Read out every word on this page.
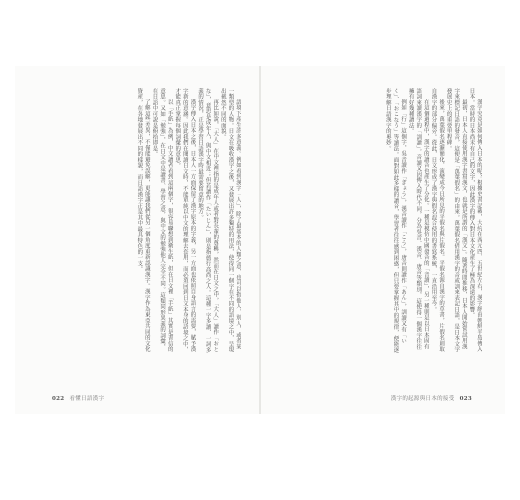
語境下產生許多意義。例如看到漢字「人」，除了最基本的人類之意，也可以指他人、別人，或者某一類型的人物。日文在吸收漢字之後，又發展出許多獨特的用法，使得同一個字在不同的語境之中，呈現出截然不同的面貌。

再比如說，「大人」在中文裡指的是成年人或者對長輩的尊稱，然而在日文之中，「大人」讀作「おとな」，意思是成年人，與中文相近；但若讀作「たいじん」，則是指德行高尚之人。這種一字多讀、一詞多義的情況，正是學習日語漢字時最需要留意的地方。

漢字傳入日本之後，日本人一方面保留了漢字原本的字義，另一方面也依照自身語言的需要，賦予漢字新的意涵。因此我們在閱讀日文時，不能單純以中文的理解去套用，而必須回到日文本身的語境之中，才能真正掌握每個詞彙的意思。

以「手紙」為例，中文讀者看到這兩個字，很容易聯想到衛生紙，但在日文裡「手紙」其實是書信的意思。又如「勉強」，在日文中是讀書、學習之意，與中文的勉強他人完全不同。這類同形異義的詞彙，在日語中可說是俯拾即是。

了解這些差異，不僅能避免誤解，更能讓我們從另一個角度重新認識漢字。漢字作為東亞共同的文化資產，在各地發展出不同的樣貌，而日語漢字正是其中最具特色的一支。

022 看懂日語漢字

漢字究竟是如何傳入日本的呢？根據史書記載，大約在西元四、五世紀左右，漢字經由朝鮮半島傳入日本。當時的日本尚未有自己的文字，因此漢字的傳入對日本文化產生了極為深遠的影響。

最初，日本人直接使用漢字書寫漢文，也就是所謂的「漢文」。隨著時間推移，日本人開始嘗試用漢字來標記日語的發音，這便是「萬葉假名」的由來。萬葉假名借用漢字的音或訓來表記日語，是日本文字發展史上的重要里程碑。

後來，萬葉假名逐漸簡化，演變成今日所見的平假名與片假名。平假名源自漢字的草書，片假名則取自漢字的部分偏旁。從此，日文形成了漢字與假名混合使用的書寫系統，一直沿用至今。

在這個過程中，漢字的讀音也產生了分化。一種是模仿中國發音的「音讀」，另一種則是以日本固有語詞來讀漢字的「訓讀」。音讀又因傳入時代不同，分為吳音、漢音、唐音等類別，這使得一個漢字往往擁有好幾種讀法。

例如「行」這個字，吳音讀作「ぎょう」，漢音讀作「こう」，唐音則讀作「あん」，訓讀又有「いく」、「おこなう」等讀法。面對如此多樣的讀音，學習者往往感到困惑，但只要掌握其中的規律，便能逐步理解日語漢字的奧妙。

漢字的起源與日本的接受 023
